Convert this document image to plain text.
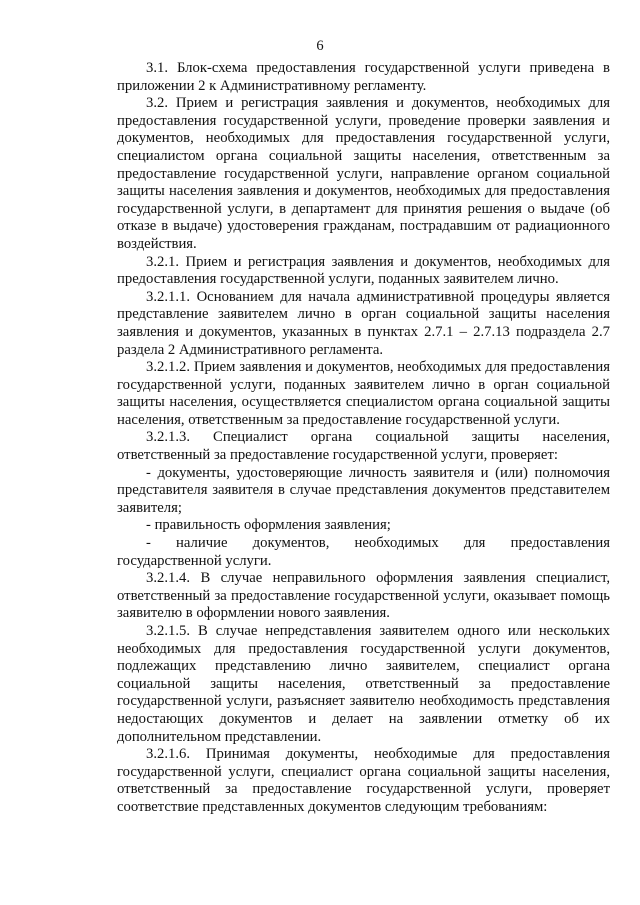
6

3.1. Блок-схема предоставления государственной услуги приведена в приложении 2 к Административному регламенту.

3.2. Прием и регистрация заявления и документов, необходимых для предоставления государственной услуги, проведение проверки заявления и документов, необходимых для предоставления государственной услуги, специалистом органа социальной защиты населения, ответственным за предоставление государственной услуги, направление органом социальной защиты населения заявления и документов, необходимых для предоставления государственной услуги, в департамент для принятия решения о выдаче (об отказе в выдаче) удостоверения гражданам, пострадавшим от радиационного воздействия.

3.2.1. Прием и регистрация заявления и документов, необходимых для предоставления государственной услуги, поданных заявителем лично.

3.2.1.1. Основанием для начала административной процедуры является представление заявителем лично в орган социальной защиты населения заявления и документов, указанных в пунктах 2.7.1 – 2.7.13 подраздела 2.7 раздела 2 Административного регламента.

3.2.1.2. Прием заявления и документов, необходимых для предоставления государственной услуги, поданных заявителем лично в орган социальной защиты населения, осуществляется специалистом органа социальной защиты населения, ответственным за предоставление государственной услуги.

3.2.1.3. Специалист органа социальной защиты населения, ответственный за предоставление государственной услуги, проверяет:

- документы, удостоверяющие личность заявителя и (или) полномочия представителя заявителя в случае представления документов представителем заявителя;

- правильность оформления заявления;

- наличие документов, необходимых для предоставления государственной услуги.

3.2.1.4. В случае неправильного оформления заявления специалист, ответственный за предоставление государственной услуги, оказывает помощь заявителю в оформлении нового заявления.

3.2.1.5. В случае непредставления заявителем одного или нескольких необходимых для предоставления государственной услуги документов, подлежащих представлению лично заявителем, специалист органа социальной защиты населения, ответственный за предоставление государственной услуги, разъясняет заявителю необходимость представления недостающих документов и делает на заявлении отметку об их дополнительном представлении.

3.2.1.6. Принимая документы, необходимые для предоставления государственной услуги, специалист органа социальной защиты населения, ответственный за предоставление государственной услуги, проверяет соответствие представленных документов следующим требованиям:
